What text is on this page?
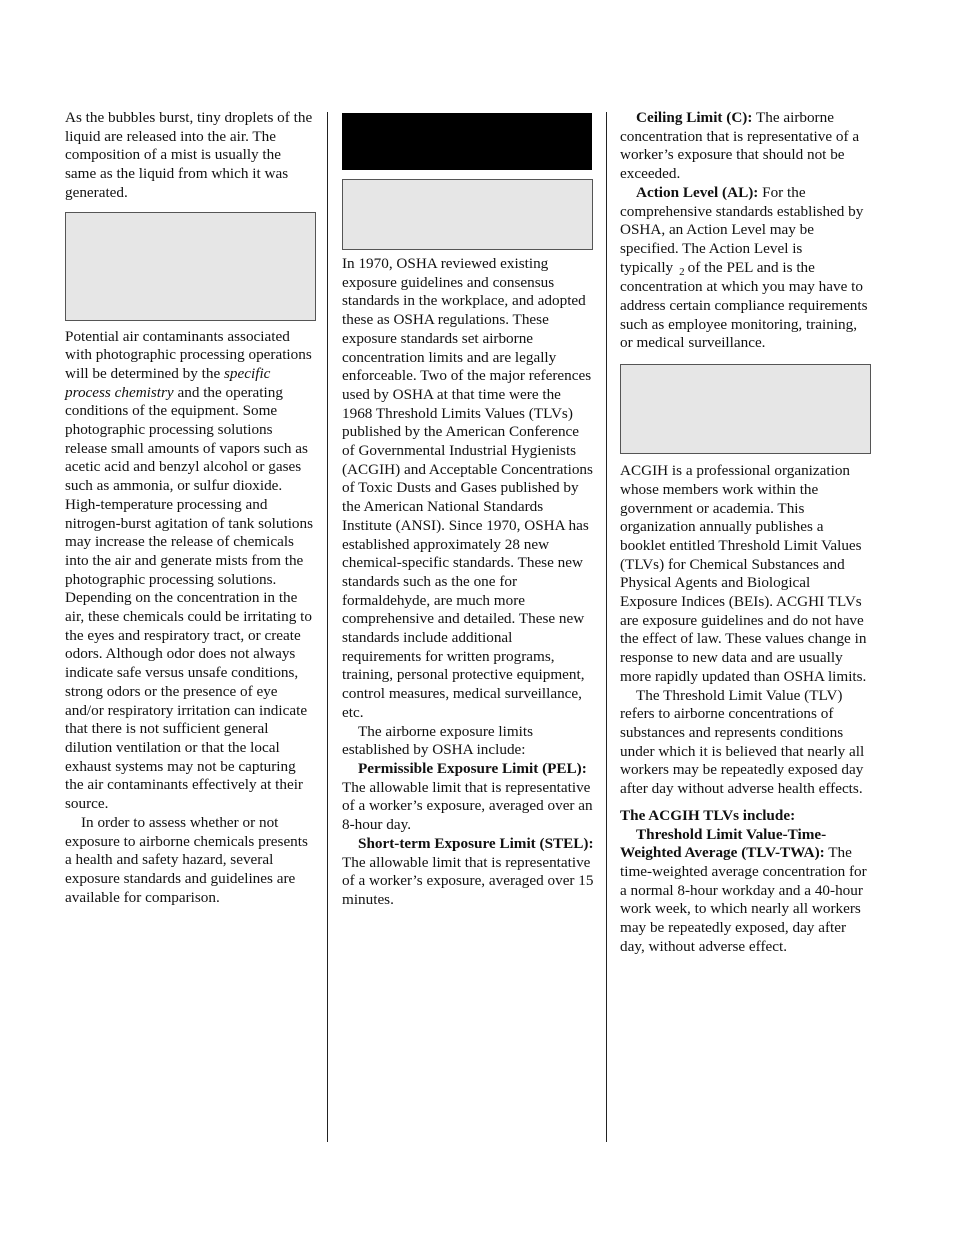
As the bubbles burst, tiny droplets of the liquid are released into the air. The composition of a mist is usually the same as the liquid from which it was generated.

Potential air contaminants associated with photographic processing operations will be determined by the specific process chemistry and the operating conditions of the equipment. Some photographic processing solutions release small amounts of vapors such as acetic acid and benzyl alcohol or gases such as ammonia, or sulfur dioxide. High-temperature processing and nitrogen-burst agitation of tank solutions may increase the release of chemicals into the air and generate mists from the photographic processing solutions. Depending on the concentration in the air, these chemicals could be irritating to the eyes and respiratory tract, or create odors. Although odor does not always indicate safe versus unsafe conditions, strong odors or the presence of eye and/or respiratory irritation can indicate that there is not sufficient general dilution ventilation or that the local exhaust systems may not be capturing the air contaminants effectively at their source.

In order to assess whether or not exposure to airborne chemicals presents a health and safety hazard, several exposure standards and guidelines are available for comparison.

In 1970, OSHA reviewed existing exposure guidelines and consensus standards in the workplace, and adopted these as OSHA regulations. These exposure standards set airborne concentration limits and are legally enforceable. Two of the major references used by OSHA at that time were the 1968 Threshold Limits Values (TLVs) published by the American Conference of Governmental Industrial Hygienists (ACGIH) and Acceptable Concentrations of Toxic Dusts and Gases published by the American National Standards Institute (ANSI). Since 1970, OSHA has established approximately 28 new chemical-specific standards. These new standards such as the one for formaldehyde, are much more comprehensive and detailed. These new standards include additional requirements for written programs, training, personal protective equipment, control measures, medical surveillance, etc.

The airborne exposure limits established by OSHA include:

Permissible Exposure Limit (PEL): The allowable limit that is representative of a worker’s exposure, averaged over an 8-hour day.

Short-term Exposure Limit (STEL): The allowable limit that is representative of a worker’s exposure, averaged over 15 minutes.

Ceiling Limit (C): The airborne concentration that is representative of a worker’s exposure that should not be exceeded.

Action Level (AL): For the comprehensive standards established by OSHA, an Action Level may be specified. The Action Level is typically 2 of the PEL and is the concentration at which you may have to address certain compliance requirements such as employee monitoring, training, or medical surveillance.

ACGIH is a professional organization whose members work within the government or academia. This organization annually publishes a booklet entitled Threshold Limit Values (TLVs) for Chemical Substances and Physical Agents and Biological Exposure Indices (BEIs). ACGHI TLVs are exposure guidelines and do not have the effect of law. These values change in response to new data and are usually more rapidly updated than OSHA limits.

The Threshold Limit Value (TLV) refers to airborne concentrations of substances and represents conditions under which it is believed that nearly all workers may be repeatedly exposed day after day without adverse health effects.

The ACGIH TLVs include:

Threshold Limit Value-Time-Weighted Average (TLV-TWA): The time-weighted average concentration for a normal 8-hour workday and a 40-hour work week, to which nearly all workers may be repeatedly exposed, day after day, without adverse effect.
